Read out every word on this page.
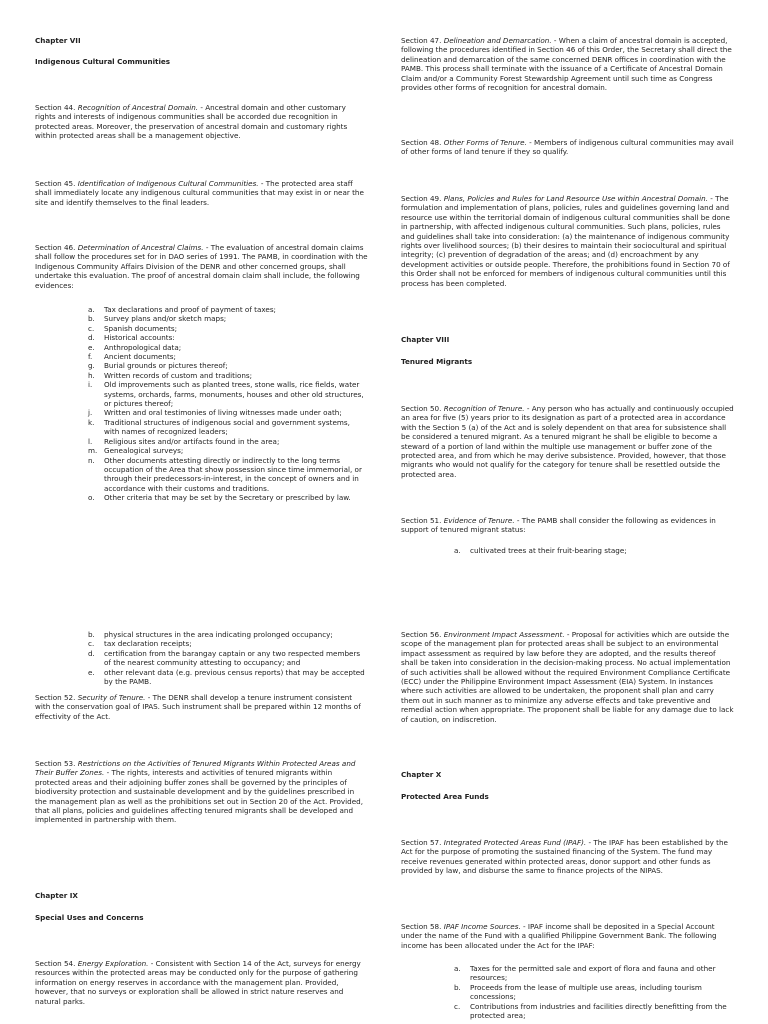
Chapter VII
Indigenous Cultural Communities

Section 44. Recognition of Ancestral Domain. - Ancestral domain and other customary rights and interests of indigenous communities shall be accorded due recognition in protected areas. Moreover, the preservation of ancestral domain and customary rights within protected areas shall be a management objective.

Section 45. Identification of Indigenous Cultural Communities. - The protected area staff shall immediately locate any indigenous cultural communities that may exist in or near the site and identify themselves to the final leaders.

Section 46. Determination of Ancestral Claims. - The evaluation of ancestral domain claims shall follow the procedures set for in DAO series of 1991. The PAMB, in coordination with the Indigenous Community Affairs Division of the DENR and other concerned groups, shall undertake this evaluation. The proof of ancestral domain claim shall include, the following evidences:

a.	Tax declarations and proof of payment of taxes;
b.	Survey plans and/or sketch maps;
c.	Spanish documents;
d.	Historical accounts:
e.	Anthropological data;
f.	Ancient documents;
g.	Burial grounds or pictures thereof;
h.	Written records of custom and traditions;
i.	Old improvements such as planted trees, stone walls, rice fields, water systems, orchards, farms, monuments, houses and other old structures, or pictures thereof;
j.	Written and oral testimonies of living witnesses made under oath;
k.	Traditional structures of indigenous social and government systems, with names of recognized leaders;
l.	Religious sites and/or artifacts found in the area;
m. Genealogical surveys;
n.	Other documents attesting directly or indirectly to the long terms occupation of the Area that show possession since time immemorial, or through their predecessors-in-interest, in the concept of owners and in accordance with their customs and traditions.
o.	Other criteria that may be set by the Secretary or prescribed by law.

Section 47. Delineation and Demarcation. - When a claim of ancestral domain is accepted, following the procedures identified in Section 46 of this Order, the Secretary shall direct the delineation and demarcation of the same concerned DENR offices in coordination with the PAMB. This process shall terminate with the issuance of a Certificate of Ancestral Domain Claim and/or a Community Forest Stewardship Agreement until such time as Congress provides other forms of recognition for ancestral domain.

Section 48. Other Forms of Tenure. - Members of indigenous cultural communities may avail of other forms of land tenure if they so qualify.

Section 49. Plans, Policies and Rules for Land Resource Use within Ancestral Domain. - The formulation and implementation of plans, policies, rules and guidelines governing land and resource use within the territorial domain of indigenous cultural communities shall be done in partnership, with affected indigenous cultural communities. Such plans, policies, rules and guidelines shall take into consideration: (a) the maintenance of indigenous community rights over livelihood sources; (b) their desires to maintain their sociocultural and spiritual integrity; (c) prevention of degradation of the areas; and (d) encroachment by any development activities or outside people. Therefore, the prohibitions found in Section 70 of this Order shall not be enforced for members of indigenous cultural communities until this process has been completed.

Chapter VIII
Tenured Migrants

Section 50. Recognition of Tenure. - Any person who has actually and continuously occupied an area for five (5) years prior to its designation as part of a protected area in accordance with the Section 5 (a) of the Act and is solely dependent on that area for subsistence shall be considered a tenured migrant. As a tenured migrant he shall be eligible to become a steward of a portion of land within the multiple use management or buffer zone of the protected area, and from which he may derive subsistence. Provided, however, that those migrants who would not qualify for the category for tenure shall be resettled outside the protected area.

Section 51. Evidence of Tenure. - The PAMB shall consider the following as evidences in support of tenured migrant status:

a.	cultivated trees at their fruit-bearing stage;
b.	physical structures in the area indicating prolonged occupancy;
c.	tax declaration receipts;
d.	certification from the barangay captain or any two respected members of the nearest community attesting to occupancy; and
e.	other relevant data (e.g. previous census reports) that may be accepted by the PAMB.

Section 52. Security of Tenure. - The DENR shall develop a tenure instrument consistent with the conservation goal of IPAS. Such instrument shall be prepared within 12 months of effectivity of the Act.

Section 53. Restrictions on the Activities of Tenured Migrants Within Protected Areas and Their Buffer Zones. - The rights, interests and activities of tenured migrants within protected areas and their adjoining buffer zones shall be governed by the principles of biodiversity protection and sustainable development and by the guidelines prescribed in the management plan as well as the prohibitions set out in Section 20 of the Act. Provided, that all plans, policies and guidelines affecting tenured migrants shall be developed and implemented in partnership with them.

Chapter IX
Special Uses and Concerns

Section 54. Energy Exploration. - Consistent with Section 14 of the Act, surveys for energy resources within the protected areas may be conducted only for the purpose of gathering information on energy reserves in accordance with the management plan. Provided, however, that no surveys or exploration shall be allowed in strict nature reserves and natural parks.

Section 56. Environment Impact Assessment. - Proposal for activities which are outside the scope of the management plan for protected areas shall be subject to an environmental impact assessment as required by law before they are adopted, and the results thereof shall be taken into consideration in the decision-making process. No actual implementation of such activities shall be allowed without the required Environment Compliance Certificate (ECC) under the Philippine Environment Impact Assessment (EIA) System. In instances where such activities are allowed to be undertaken, the proponent shall plan and carry them out in such manner as to minimize any adverse effects and take preventive and remedial action when appropriate. The proponent shall be liable for any damage due to lack of caution, on indiscretion.

Chapter X
Protected Area Funds

Section 57. Integrated Protected Areas Fund (IPAF). - The IPAF has been established by the Act for the purpose of promoting the sustained financing of the System. The fund may receive revenues generated within protected areas, donor support and other funds as provided by law, and disburse the same to finance projects of the NIPAS.

Section 58. IPAF Income Sources. - IPAF income shall be deposited in a Special Account under the name of the Fund with a qualified Philippine Government Bank. The following income has been allocated under the Act for the IPAF:

a.	Taxes for the permitted sale and export of flora and fauna and other resources;
b.	Proceeds from the lease of multiple use areas, including tourism concessions;
c.	Contributions from industries and facilities directly benefitting from the protected area;
